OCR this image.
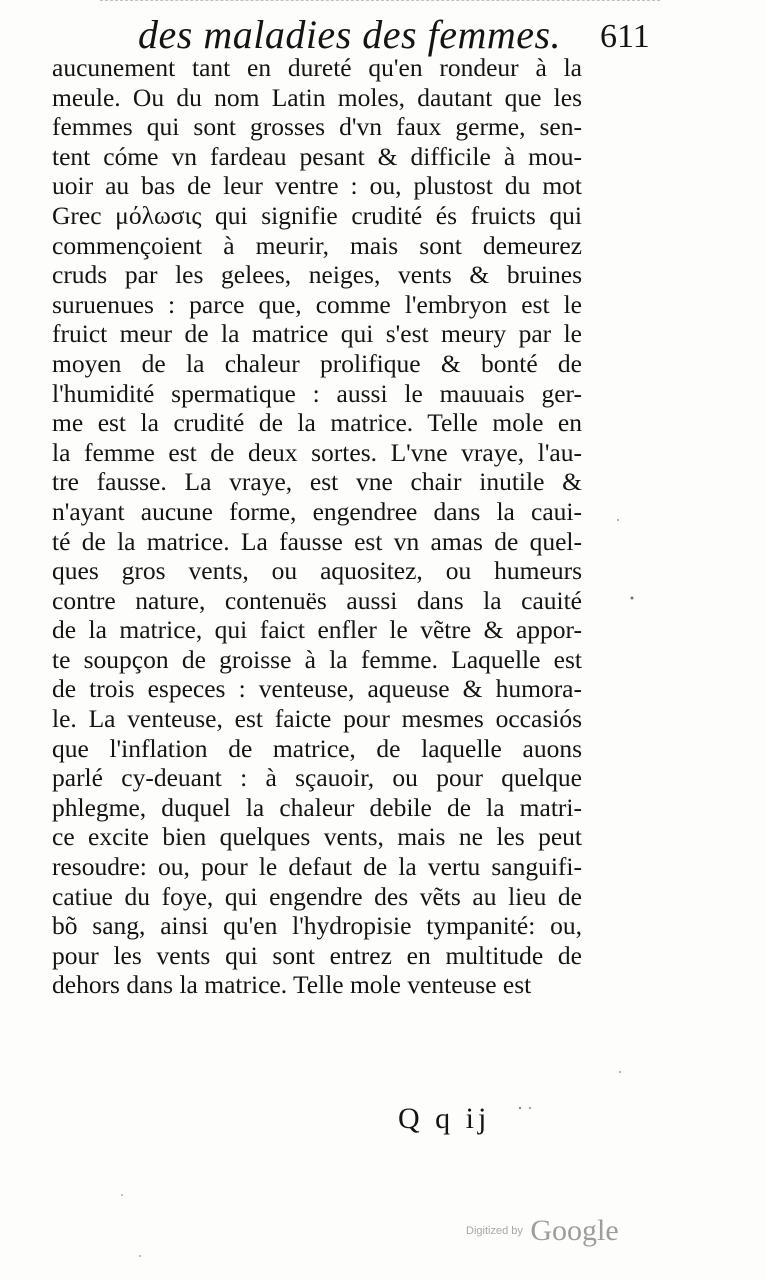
des maladies des femmes. 611
aucunement tant en dureté qu'en rondeur à la
meule. Ou du nom Latin moles, dautant que les
femmes qui sont grosses d'vn faux germe, sen-
tent cóme vn fardeau pesant & difficile à mou-
uoir au bas de leur ventre : ou, plustost du mot
Grec μόλωσις qui signifie crudité és fruicts qui
commençoient à meurir, mais sont demeurez
cruds par les gelees, neiges, vents & bruines
suruenues : parce que, comme l'embryon est le
fruict meur de la matrice qui s'est meury par le
moyen de la chaleur prolifique & bonté de
l'humidité spermatique : aussi le mauuais ger-
me est la crudité de la matrice. Telle mole en
la femme est de deux sortes. L'vne vraye, l'au-
tre fausse. La vraye, est vne chair inutile &
n'ayant aucune forme, engendree dans la caui-
té de la matrice. La fausse est vn amas de quel-
ques gros vents, ou aquositez, ou humeurs
contre nature, contenuës aussi dans la cauité
de la matrice, qui faict enfler le vẽtre & appor-
te soupçon de groisse à la femme. Laquelle est
de trois especes : venteuse, aqueuse & humora-
le. La venteuse, est faicte pour mesmes occasiós
que l'inflation de matrice, de laquelle auons
parlé cy-deuant : à sçauoir, ou pour quelque
phlegme, duquel la chaleur debile de la matri-
ce excite bien quelques vents, mais ne les peut
resoudre: ou, pour le defaut de la vertu sanguifi-
catiue du foye, qui engendre des vẽts au lieu de
bõ sang, ainsi qu'en l'hydropisie tympanité: ou,
pour les vents qui sont entrez en multitude de
dehors dans la matrice. Telle mole venteuse est
Q q ij
$^{Digitized by}$ Google
